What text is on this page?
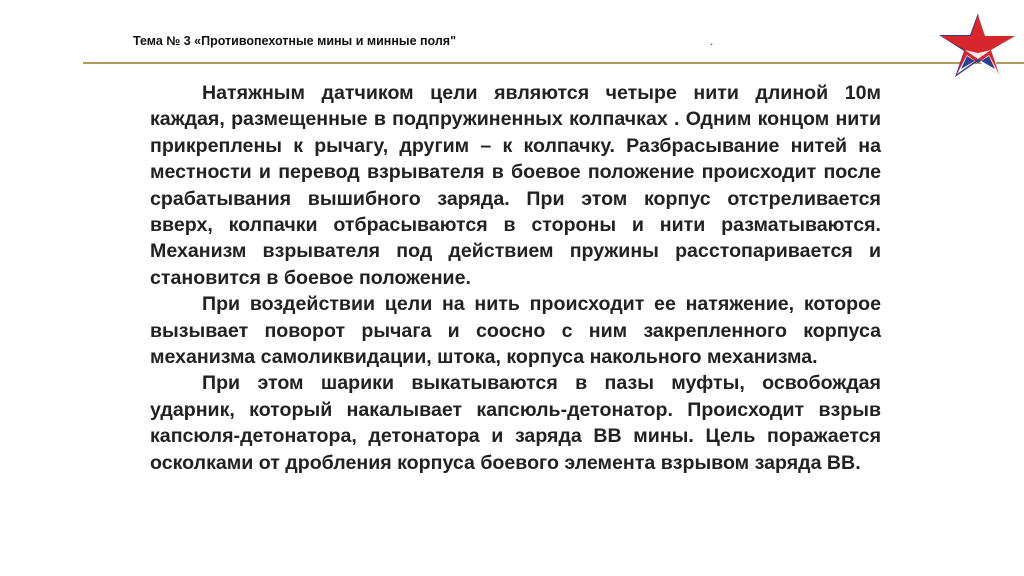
Тема № 3 «Противопехотные мины и минные поля"	.

Натяжным датчиком цели являются четыре нити длиной 10м каждая, размещенные в подпружиненных колпачках . Одним концом нити прикреплены к рычагу, другим – к колпачку. Разбрасывание нитей на местности и перевод взрывателя в боевое положение происходит после срабатывания вышибного заряда. При этом корпус отстреливается вверх, колпачки отбрасываются в стороны и нити разматываются. Механизм взрывателя под действием пружины расстопаривается и становится в боевое положение.

При воздействии цели на нить происходит ее натяжение, которое вызывает поворот рычага и соосно с ним закрепленного корпуса механизма самоликвидации, штока, корпуса накольного механизма.

При этом шарики выкатываются в пазы муфты, освобождая ударник, который накалывает капсюль-детонатор. Происходит взрыв капсюля-детонатора, детонатора и заряда ВВ мины. Цель поражается осколками от дробления корпуса боевого элемента взрывом заряда ВВ.
